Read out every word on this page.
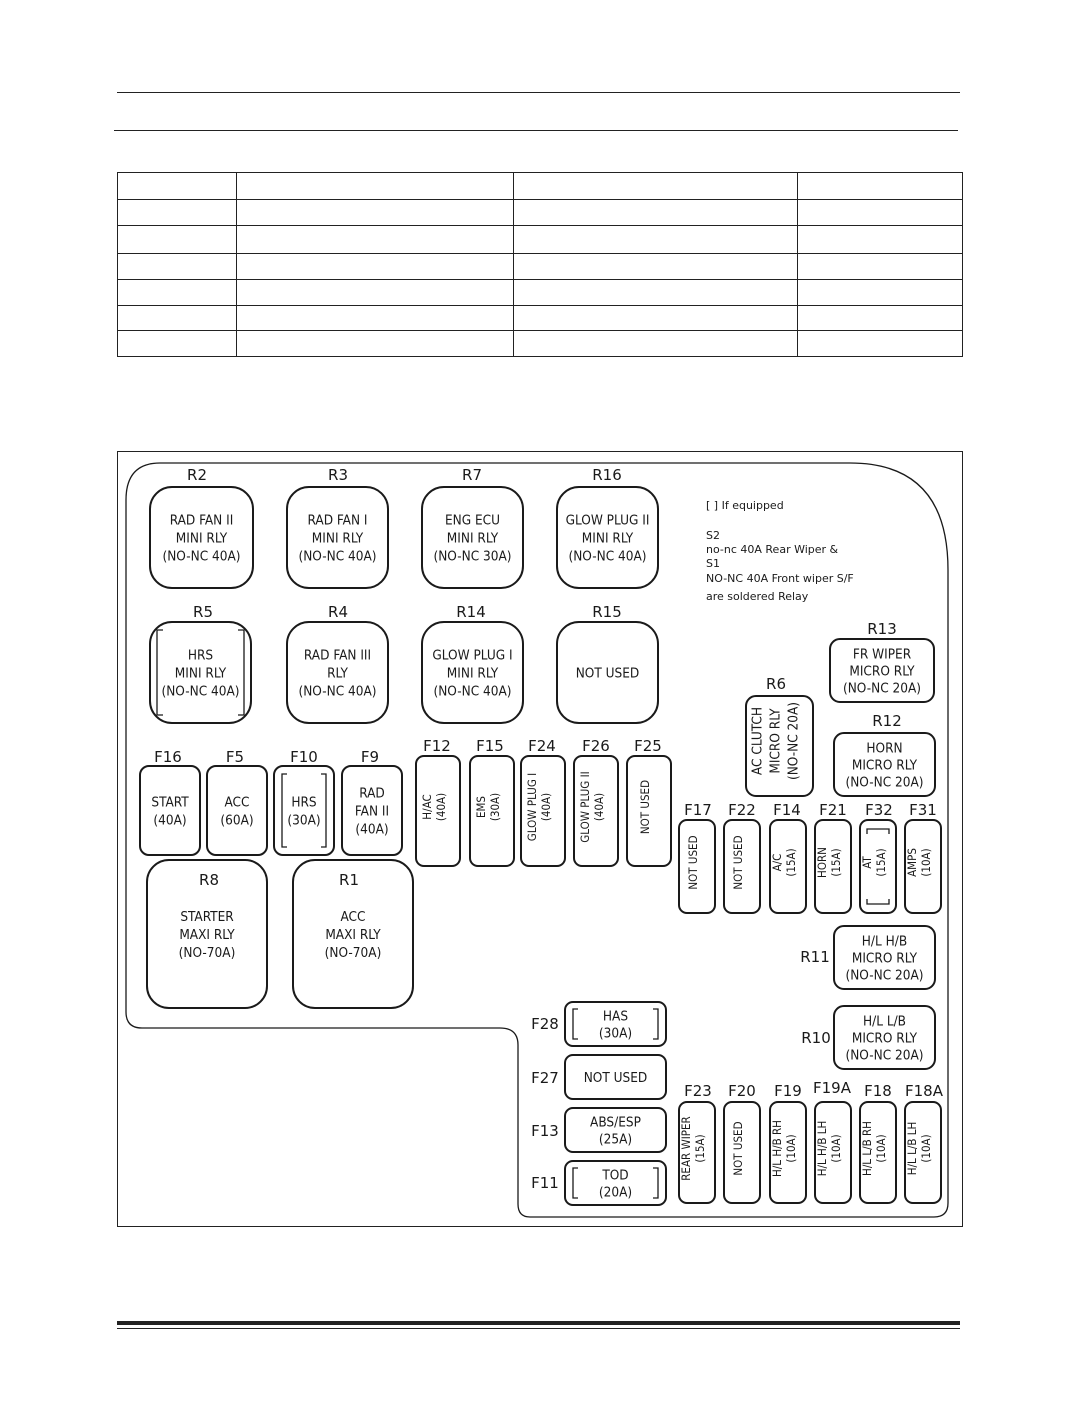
[ ] If equipped
S2
no-nc 40A Rear Wiper &
S1
NO-NC 40A Front wiper S/F
are soldered Relay
R2
RAD FAN II
MINI RLY
(NO-NC 40A)
R3
RAD FAN I
MINI RLY
(NO-NC 40A)
R7
ENG ECU
MINI RLY
(NO-NC 30A)
R16
GLOW PLUG II
MINI RLY
(NO-NC 40A)
R5
HRS
MINI RLY
(NO-NC 40A)
R4
RAD FAN III
RLY
(NO-NC 40A)
R14
GLOW PLUG I
MINI RLY
(NO-NC 40A)
R15
NOT USED
R13
FR WIPER
MICRO RLY
(NO-NC 20A)
R12
HORN
MICRO RLY
(NO-NC 20A)
R11
H/L H/B
MICRO RLY
(NO-NC 20A)
R10
H/L L/B
MICRO RLY
(NO-NC 20A)
R8
STARTER
MAXI RLY
(NO-70A)
R1
ACC
MAXI RLY
(NO-70A)
R6
AC CLUTCH MICRO RLY (NO-NC 20A)
F12
H/AC (40A)
F15
EMS (30A)
F24
GLOW PLUG I (40A)
F26
GLOW PLUG II (40A)
F25
NOT USED F17
NOT USED
F22
NOT USED
F14
A/C (15A)
F21
HORN (15A)
F32
AT (15A)
F31
AMPS (10A)
F23
REAR WIPER (15A)
F20
NOT USED
F19
H/L H/B RH (10A)
F19A
H/L H/B LH (10A)
F18
H/L L/B RH (10A)
F18A
H/L L/B LH (10A)
F16
START
(40A)
F5
ACC
(60A)
F10
HRS
(30A)
F9
RAD
FAN II
(40A)
F28	HAS
(30A)
F27 NOT USED
F13 ABS/ESP
(25A)
F11	TOD
(20A)
